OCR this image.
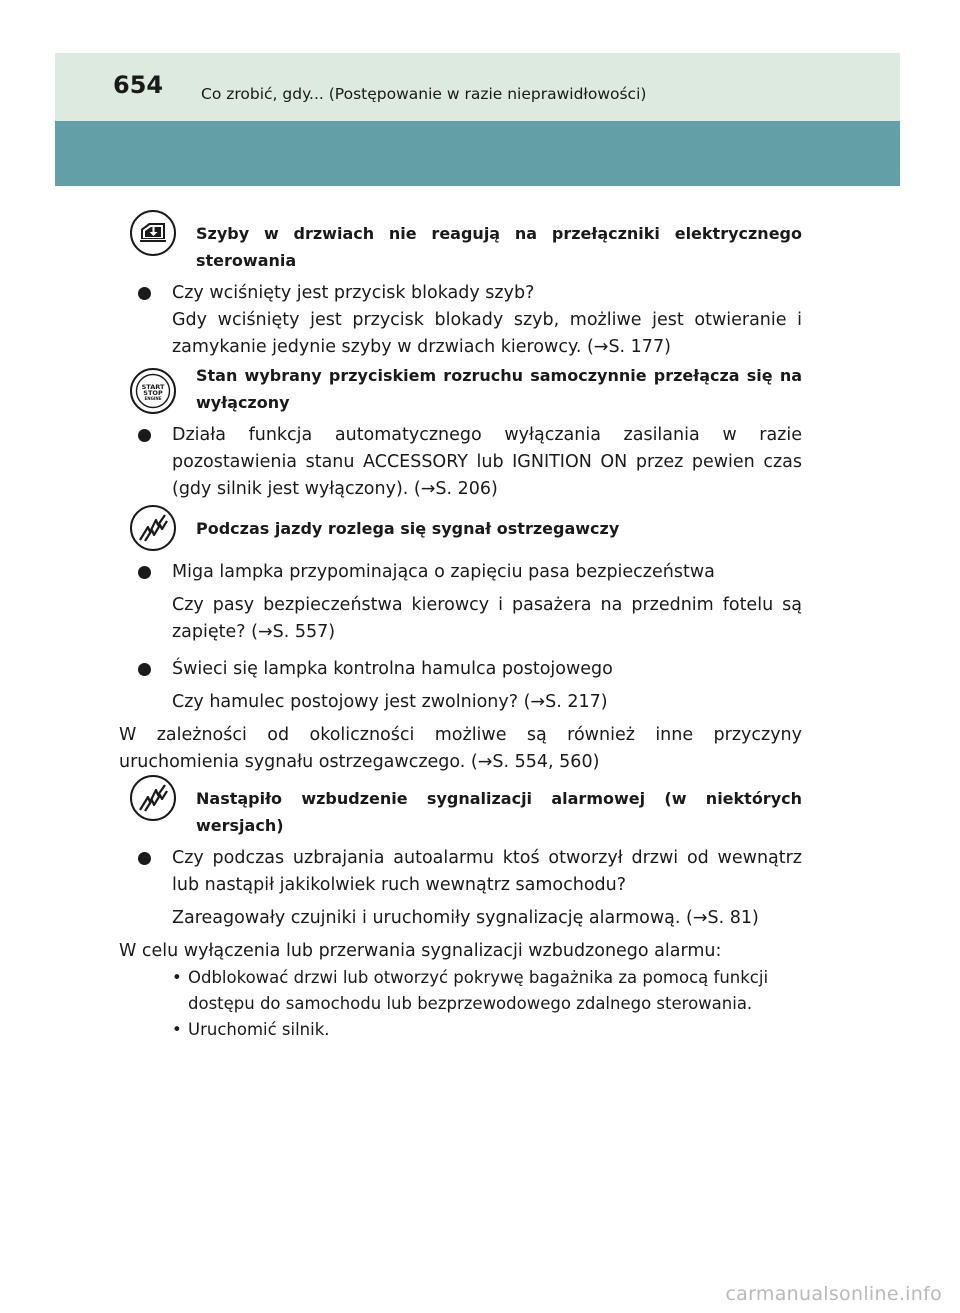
654 Co zrobić, gdy... (Postępowanie w razie nieprawidłowości)
Szyby w drzwiach nie reagują na przełączniki elektrycznego sterowania
Czy wciśnięty jest przycisk blokady szyb?
Gdy wciśnięty jest przycisk blokady szyb, możliwe jest otwieranie i zamykanie jedynie szyby w drzwiach kierowcy. (→S. 177)
START
STOP
ENGINE
Stan wybrany przyciskiem rozruchu samoczynnie przełącza się na wyłączony
Działa funkcja automatycznego wyłączania zasilania w razie pozostawienia stanu ACCESSORY lub IGNITION ON przez pewien czas (gdy silnik jest wyłączony). (→S. 206)
Podczas jazdy rozlega się sygnał ostrzegawczy
Miga lampka przypominająca o zapięciu pasa bezpieczeństwa
Czy pasy bezpieczeństwa kierowcy i pasażera na przednim fotelu są zapięte? (→S. 557)
Świeci się lampka kontrolna hamulca postojowego
Czy hamulec postojowy jest zwolniony? (→S. 217)
W zależności od okoliczności możliwe są również inne przyczyny uruchomienia sygnału ostrzegawczego. (→S. 554, 560)
Nastąpiło wzbudzenie sygnalizacji alarmowej (w niektórych wersjach)
Czy podczas uzbrajania autoalarmu ktoś otworzył drzwi od wewnątrz lub nastąpił jakikolwiek ruch wewnątrz samochodu?
Zareagowały czujniki i uruchomiły sygnalizację alarmową. (→S. 81)
W celu wyłączenia lub przerwania sygnalizacji wzbudzonego alarmu:
• Odblokować drzwi lub otworzyć pokrywę bagażnika za pomocą funkcji dostępu do samochodu lub bezprzewodowego zdalnego sterowania.
• Uruchomić silnik.
carmanualsonline.info
